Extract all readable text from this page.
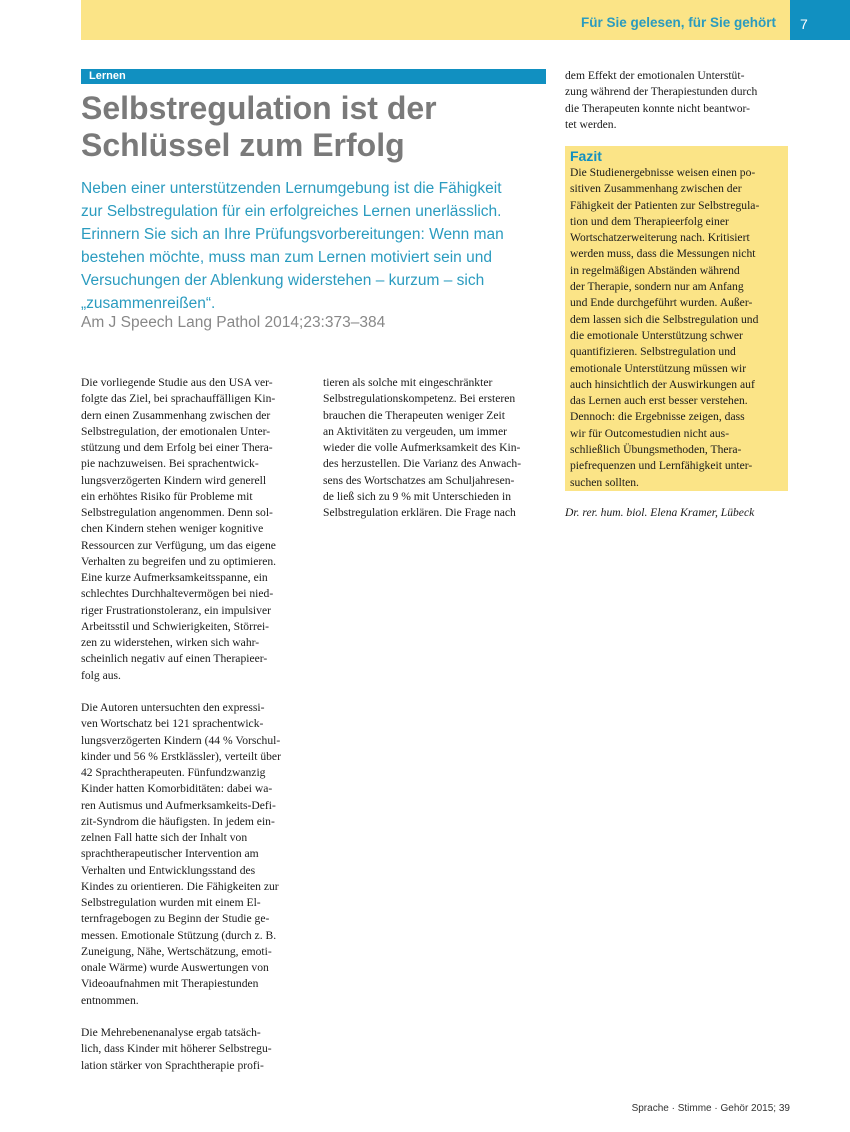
Für Sie gelesen, für Sie gehört 7
Lernen
Selbstregulation ist der
Schlüssel zum Erfolg
Neben einer unterstützenden Lernumgebung ist die Fähigkeit
zur Selbstregulation für ein erfolgreiches Lernen unerlässlich.
Erinnern Sie sich an Ihre Prüfungsvorbereitungen: Wenn man
bestehen möchte, muss man zum Lernen motiviert sein und
Versuchungen der Ablenkung widerstehen – kurzum – sich
„zusammenreißen“.
Am J Speech Lang Pathol 2014;23:373–384

Die vorliegende Studie aus den USA ver-
folgte das Ziel, bei sprachauffälligen Kin-
dern einen Zusammenhang zwischen der
Selbstregulation, der emotionalen Unter-
stützung und dem Erfolg bei einer Thera-
pie nachzuweisen. Bei sprachentwick-
lungsverzögerten Kindern wird generell
ein erhöhtes Risiko für Probleme mit
Selbstregulation angenommen. Denn sol-
chen Kindern stehen weniger kognitive
Ressourcen zur Verfügung, um das eigene
Verhalten zu begreifen und zu optimieren.
Eine kurze Aufmerksamkeitsspanne, ein
schlechtes Durchhaltevermögen bei nied-
riger Frustrationstoleranz, ein impulsiver
Arbeitsstil und Schwierigkeiten, Störrei-
zen zu widerstehen, wirken sich wahr-
scheinlich negativ auf einen Therapieer-
folg aus.

Die Autoren untersuchten den expressi-
ven Wortschatz bei 121 sprachentwick-
lungsverzögerten Kindern (44 % Vorschul-
kinder und 56 % Erstklässler), verteilt über
42 Sprachtherapeuten. Fünfundzwanzig
Kinder hatten Komorbiditäten: dabei wa-
ren Autismus und Aufmerksamkeits-Defi-
zit-Syndrom die häufigsten. In jedem ein-
zelnen Fall hatte sich der Inhalt von
sprachtherapeutischer Intervention am
Verhalten und Entwicklungsstand des
Kindes zu orientieren. Die Fähigkeiten zur
Selbstregulation wurden mit einem El-
ternfragebogen zu Beginn der Studie ge-
messen. Emotionale Stützung (durch z. B.
Zuneigung, Nähe, Wertschätzung, emoti-
onale Wärme) wurde Auswertungen von
Videoaufnahmen mit Therapiestunden
entnommen.

Die Mehrebenenanalyse ergab tatsäch-
lich, dass Kinder mit höherer Selbstregu-
lation stärker von Sprachtherapie profi-

tieren als solche mit eingeschränkter
Selbstregulationskompetenz. Bei ersteren
brauchen die Therapeuten weniger Zeit
an Aktivitäten zu vergeuden, um immer
wieder die volle Aufmerksamkeit des Kin-
des herzustellen. Die Varianz des Anwach-
sens des Wortschatzes am Schuljahresen-
de ließ sich zu 9 % mit Unterschieden in
Selbstregulation erklären. Die Frage nach

dem Effekt der emotionalen Unterstüt-
zung während der Therapiestunden durch
die Therapeuten konnte nicht beantwor-
tet werden.

Fazit
Die Studienergebnisse weisen einen po-
sitiven Zusammenhang zwischen der
Fähigkeit der Patienten zur Selbstregula-
tion und dem Therapieerfolg einer
Wortschatzerweiterung nach. Kritisiert
werden muss, dass die Messungen nicht
in regelmäßigen Abständen während
der Therapie, sondern nur am Anfang
und Ende durchgeführt wurden. Außer-
dem lassen sich die Selbstregulation und
die emotionale Unterstützung schwer
quantifizieren. Selbstregulation und
emotionale Unterstützung müssen wir
auch hinsichtlich der Auswirkungen auf
das Lernen auch erst besser verstehen.
Dennoch: die Ergebnisse zeigen, dass
wir für Outcomestudien nicht aus-
schließlich Übungsmethoden, Thera-
piefrequenzen und Lernfähigkeit unter-
suchen sollten.
Dr. rer. hum. biol. Elena Kramer, Lübeck
Sprache · Stimme · Gehör 2015; 39
